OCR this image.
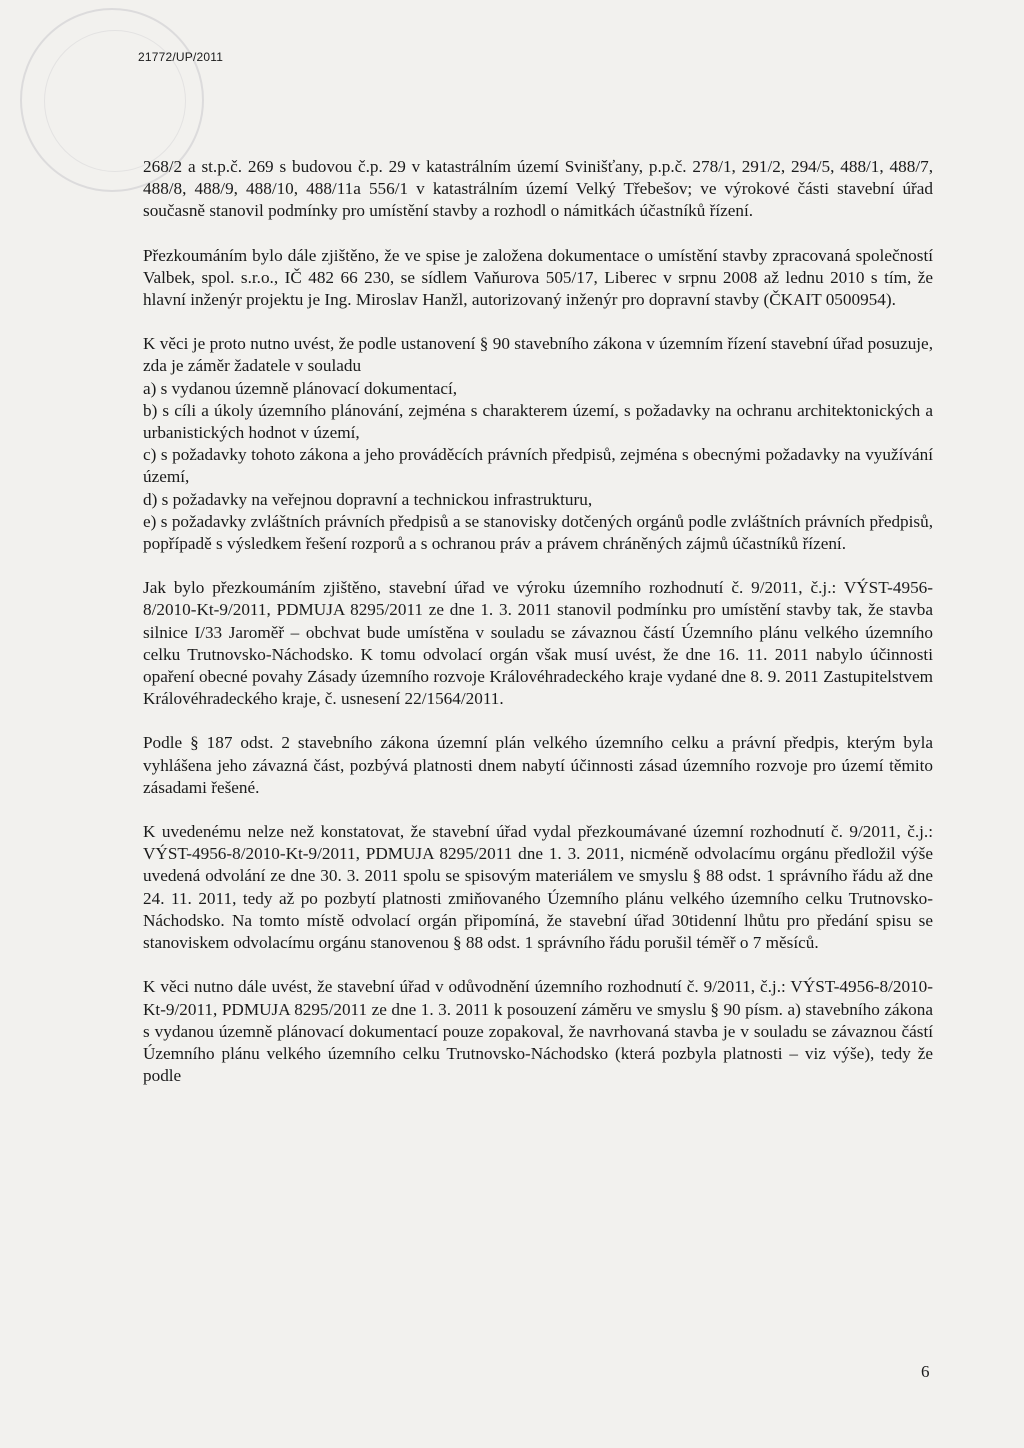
21772/UP/2011

268/2 a st.p.č. 269 s budovou č.p. 29 v katastrálním území Svinišťany, p.p.č. 278/1, 291/2, 294/5, 488/1, 488/7, 488/8, 488/9, 488/10, 488/11a 556/1 v katastrálním území Velký Třebešov; ve výrokové části stavební úřad současně stanovil podmínky pro umístění stavby a rozhodl o námitkách účastníků řízení.

Přezkoumáním bylo dále zjištěno, že ve spise je založena dokumentace o umístění stavby zpracovaná společností Valbek, spol. s.r.o., IČ 482 66 230, se sídlem Vaňurova 505/17, Liberec v srpnu 2008 až lednu 2010 s tím, že hlavní inženýr projektu je Ing. Miroslav Hanžl, autorizovaný inženýr pro dopravní stavby (ČKAIT 0500954).

K věci je proto nutno uvést, že podle ustanovení § 90 stavebního zákona v územním řízení stavební úřad posuzuje, zda je záměr žadatele v souladu

a) s vydanou územně plánovací dokumentací,

b) s cíli a úkoly územního plánování, zejména s charakterem území, s požadavky na ochranu architektonických a urbanistických hodnot v území,

c) s požadavky tohoto zákona a jeho prováděcích právních předpisů, zejména s obecnými požadavky na využívání území,

d) s požadavky na veřejnou dopravní a technickou infrastrukturu,

e) s požadavky zvláštních právních předpisů a se stanovisky dotčených orgánů podle zvláštních právních předpisů, popřípadě s výsledkem řešení rozporů a s ochranou práv a právem chráněných zájmů účastníků řízení.

Jak bylo přezkoumáním zjištěno, stavební úřad ve výroku územního rozhodnutí č. 9/2011, č.j.: VÝST-4956-8/2010-Kt-9/2011, PDMUJA 8295/2011 ze dne 1. 3. 2011 stanovil podmínku pro umístění stavby tak, že stavba silnice I/33 Jaroměř – obchvat bude umístěna v souladu se závaznou částí Územního plánu velkého územního celku Trutnovsko-Náchodsko. K tomu odvolací orgán však musí uvést, že dne 16. 11. 2011 nabylo účinnosti opaření obecné povahy Zásady územního rozvoje Královéhradeckého kraje vydané dne 8. 9. 2011 Zastupitelstvem Královéhradeckého kraje, č. usnesení 22/1564/2011.

Podle § 187 odst. 2 stavebního zákona územní plán velkého územního celku a právní předpis, kterým byla vyhlášena jeho závazná část, pozbývá platnosti dnem nabytí účinnosti zásad územního rozvoje pro území těmito zásadami řešené.

K uvedenému nelze než konstatovat, že stavební úřad vydal přezkoumávané územní rozhodnutí č. 9/2011, č.j.: VÝST-4956-8/2010-Kt-9/2011, PDMUJA 8295/2011 dne 1. 3. 2011, nicméně odvolacímu orgánu předložil výše uvedená odvolání ze dne 30. 3. 2011 spolu se spisovým materiálem ve smyslu § 88 odst. 1 správního řádu až dne 24. 11. 2011, tedy až po pozbytí platnosti zmiňovaného Územního plánu velkého územního celku Trutnovsko-Náchodsko. Na tomto místě odvolací orgán připomíná, že stavební úřad 30tidenní lhůtu pro předání spisu se stanoviskem odvolacímu orgánu stanovenou § 88 odst. 1 správního řádu porušil téměř o 7 měsíců.

K věci nutno dále uvést, že stavební úřad v odůvodnění územního rozhodnutí č. 9/2011, č.j.: VÝST-4956-8/2010-Kt-9/2011, PDMUJA 8295/2011 ze dne 1. 3. 2011 k posouzení záměru ve smyslu § 90 písm. a) stavebního zákona s vydanou územně plánovací dokumentací pouze zopakoval, že navrhovaná stavba je v souladu se závaznou částí Územního plánu velkého územního celku Trutnovsko-Náchodsko (která pozbyla platnosti – viz výše), tedy že podle

6
